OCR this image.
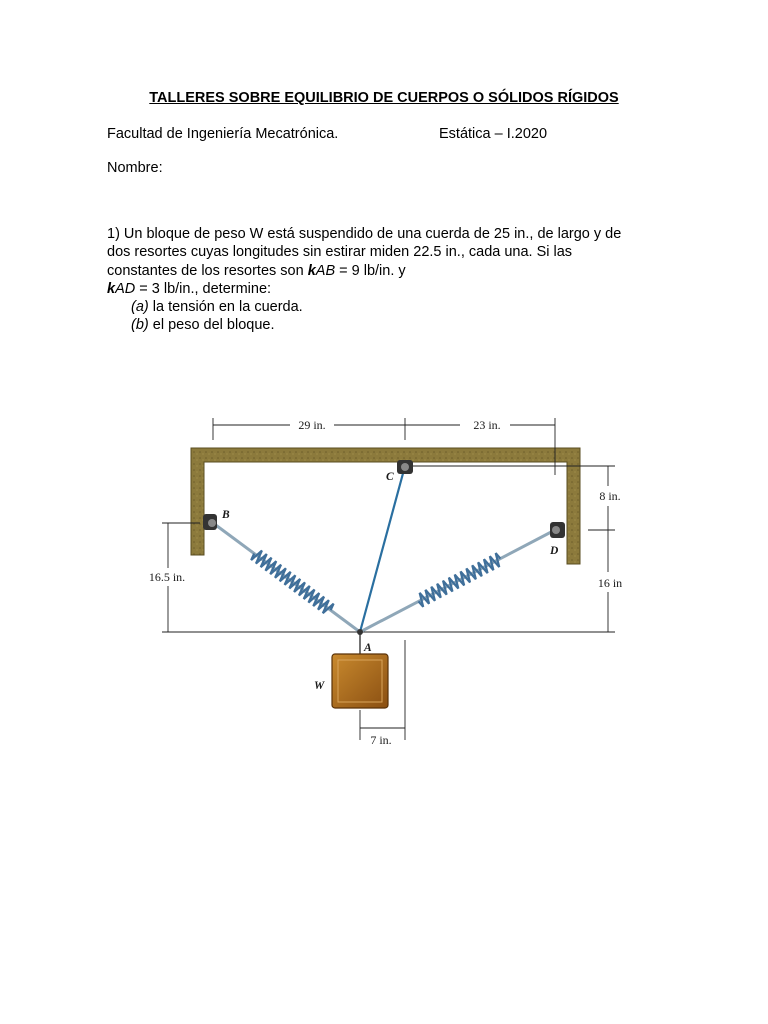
TALLERES SOBRE EQUILIBRIO DE CUERPOS O SÓLIDOS RÍGIDOS
Facultad de Ingeniería Mecatrónica.	Estática – I.2020
Nombre:

1) Un bloque de peso W está suspendido de una cuerda de 25 in., de largo y de

dos resortes cuyas longitudes sin estirar miden 22.5 in., cada una. Si las

constantes de los resortes son kAB = 9 lb/in. y

kAD = 3 lb/in., determine:

(a) la tensión en la cuerda.

(b) el peso del bloque.

29 in.	23 in.
8 in.
16.5 in.	16 in
7 in.
A
B
C
D
W
